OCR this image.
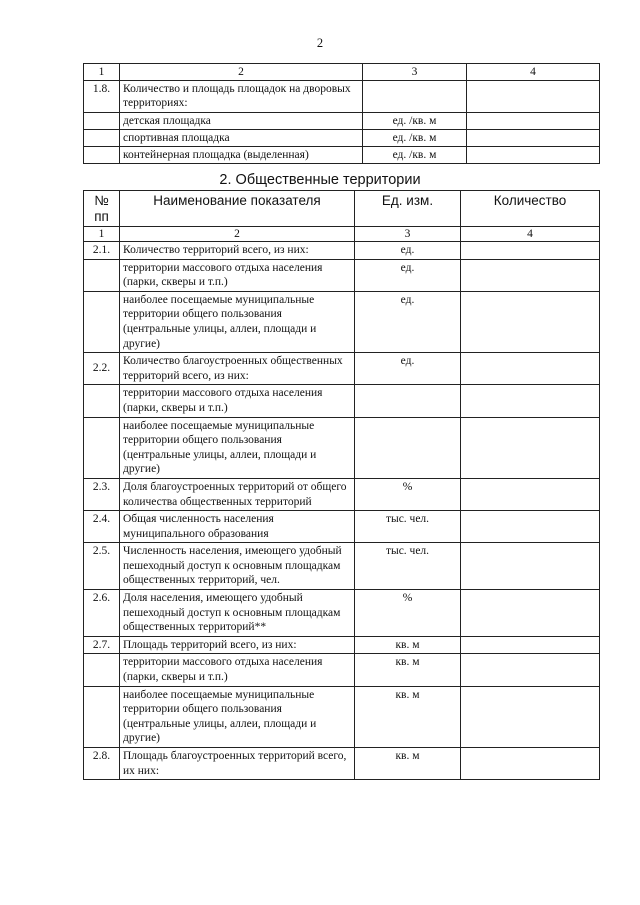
2
1	2	3	4
1.8.	Количество и площадь площадок на дворовых территориях:		
	детская площадка	ед. /кв. м	
	спортивная площадка	ед. /кв. м	
	контейнерная площадка (выделенная)	ед. /кв. м	
2. Общественные территории
№ пп	Наименование показателя	Ед. изм.	Количество
1	2	3	4
2.1.	Количество территорий всего, из них:	ед.	
	территории массового отдыха населения (парки, скверы и т.п.)	ед.	
	наиболее посещаемые муниципальные территории общего пользования (центральные улицы, аллеи, площади и другие)	ед.	
2.2.	Количество благоустроенных общественных территорий всего, из них:	ед.	
	территории массового отдыха населения (парки, скверы и т.п.)		
	наиболее посещаемые муниципальные территории общего пользования (центральные улицы, аллеи, площади и другие)		
2.3.	Доля благоустроенных территорий от общего количества общественных территорий	%	
2.4.	Общая численность населения муниципального образования	тыс. чел.	
2.5.	Численность населения, имеющего удобный пешеходный доступ к основным площадкам общественных территорий, чел.	тыс. чел.	
2.6.	Доля населения, имеющего удобный пешеходный доступ к основным площадкам общественных территорий**	%	
2.7.	Площадь территорий всего, из них:	кв. м	
	территории массового отдыха населения (парки, скверы и т.п.)	кв. м	
	наиболее посещаемые муниципальные территории общего пользования (центральные улицы, аллеи, площади и другие)	кв. м	
2.8.	Площадь благоустроенных территорий всего, их них:	кв. м	
